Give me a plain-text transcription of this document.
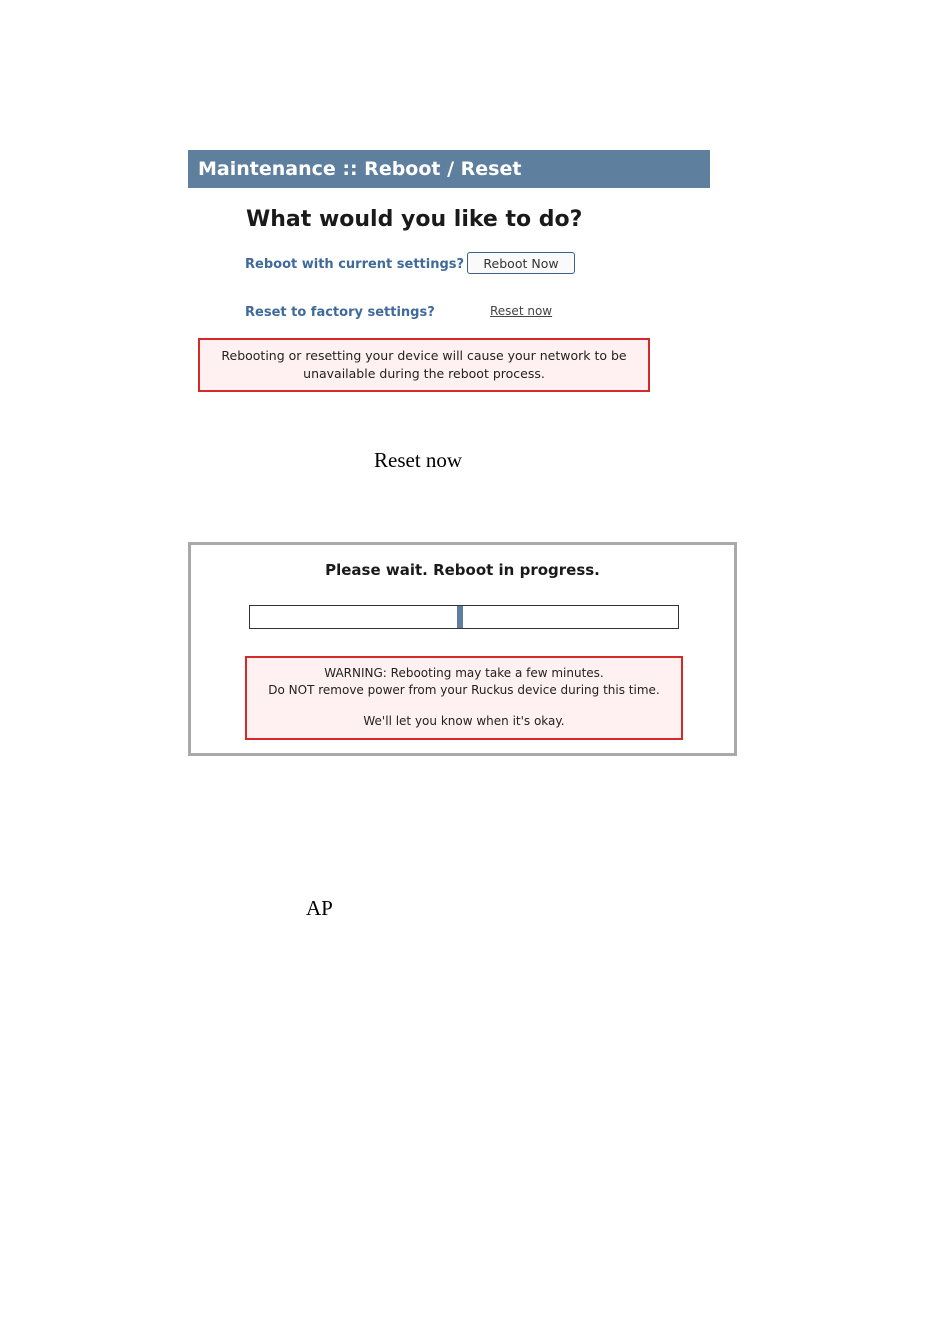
Maintenance :: Reboot / Reset
What would you like to do?
Reboot with current settings?	Reboot Now
Reset to factory settings?	Reset now
Rebooting or resetting your device will cause your network to be
unavailable during the reboot process.
Reset now
Please wait. Reboot in progress.
WARNING: Rebooting may take a few minutes.
Do NOT remove power from your Ruckus device during this time.
We'll let you know when it's okay.
AP
